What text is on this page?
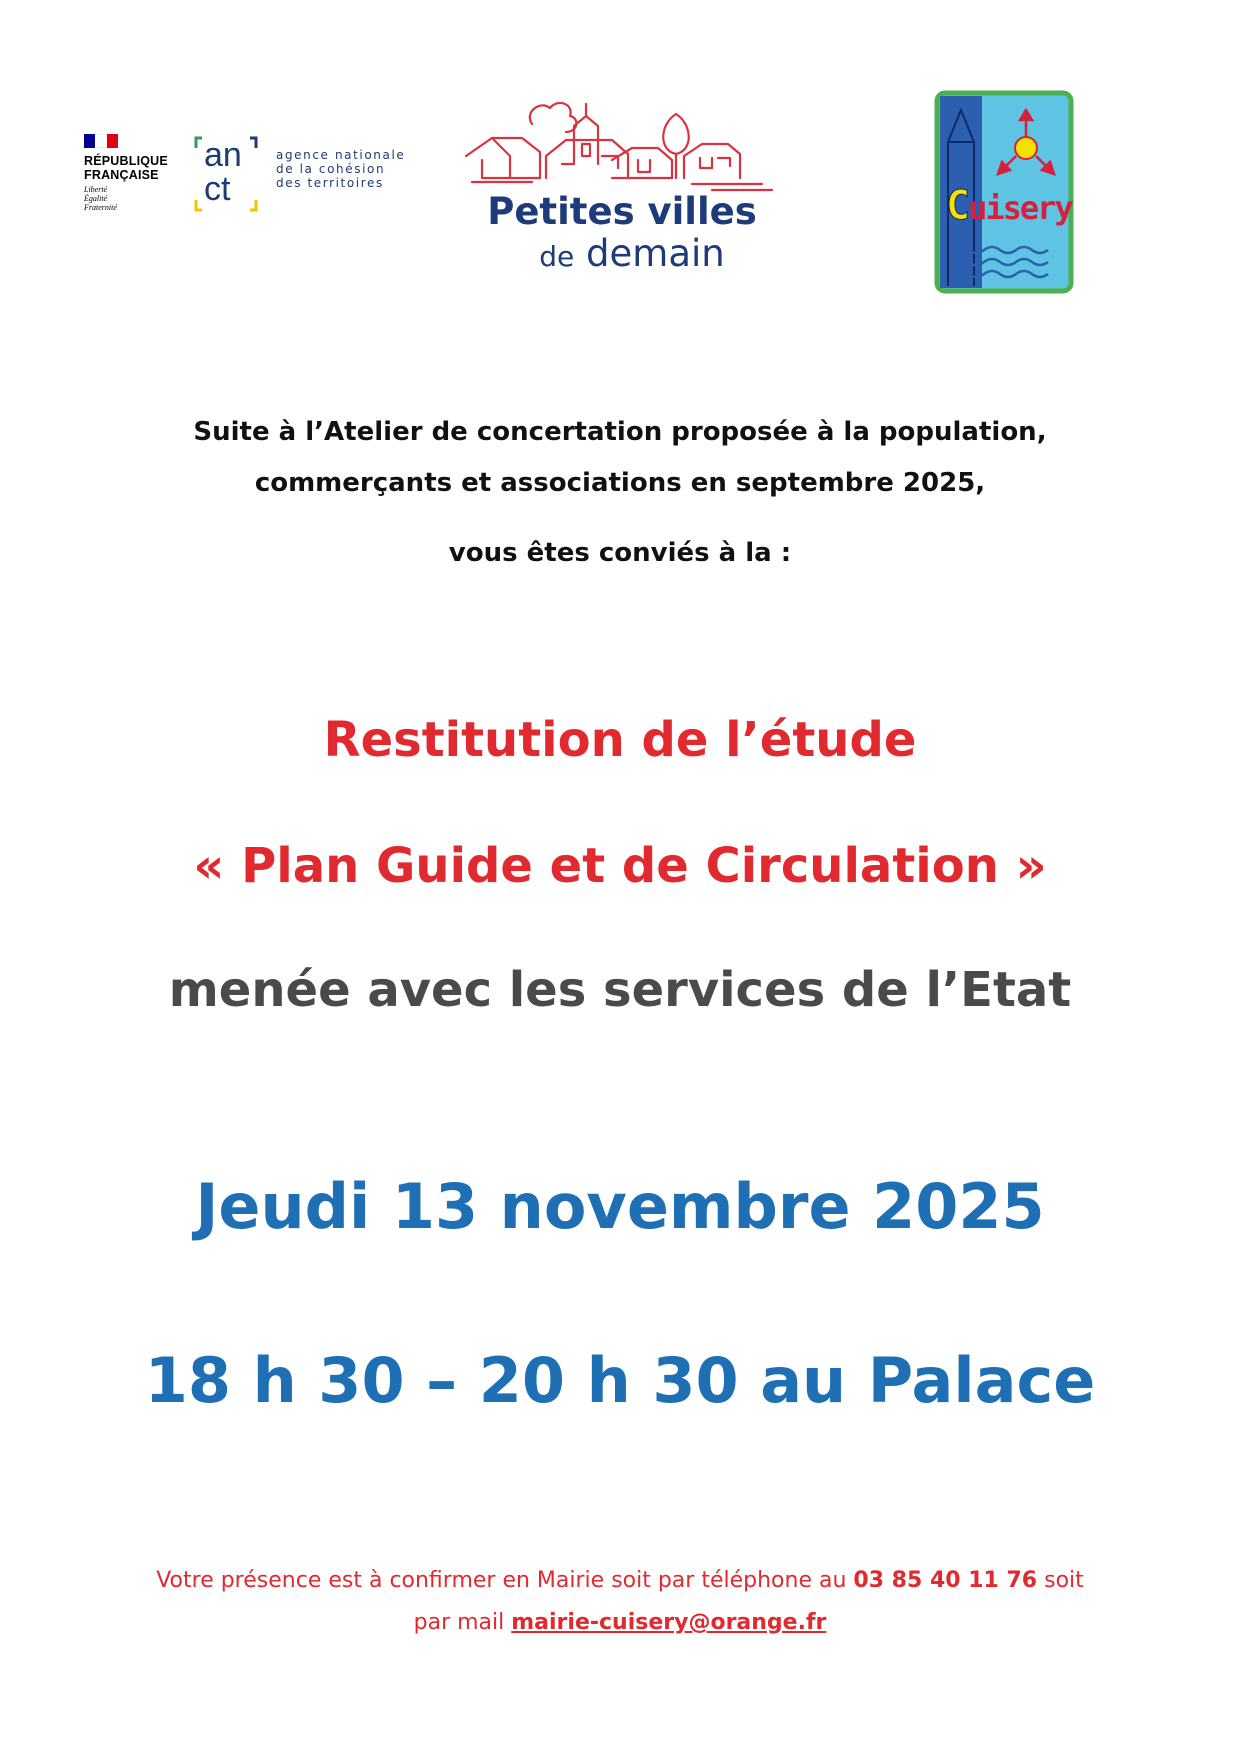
RÉPUBLIQUE
FRANÇAISE
Liberté
Égalité
Fraternité
an
ct
agence nationale
de la cohésion
des territoires
Petites villes
de demain
Cuisery
Suite à l’Atelier de concertation proposée à la population,
commerçants et associations en septembre 2025,
vous êtes conviés à la :
Restitution de l’étude
« Plan Guide et de Circulation »
menée avec les services de l’Etat
Jeudi 13 novembre 2025
18 h 30 – 20 h 30 au Palace
Votre présence est à confirmer en Mairie soit par téléphone au 03 85 40 11 76 soit
par mail mairie-cuisery@orange.fr
